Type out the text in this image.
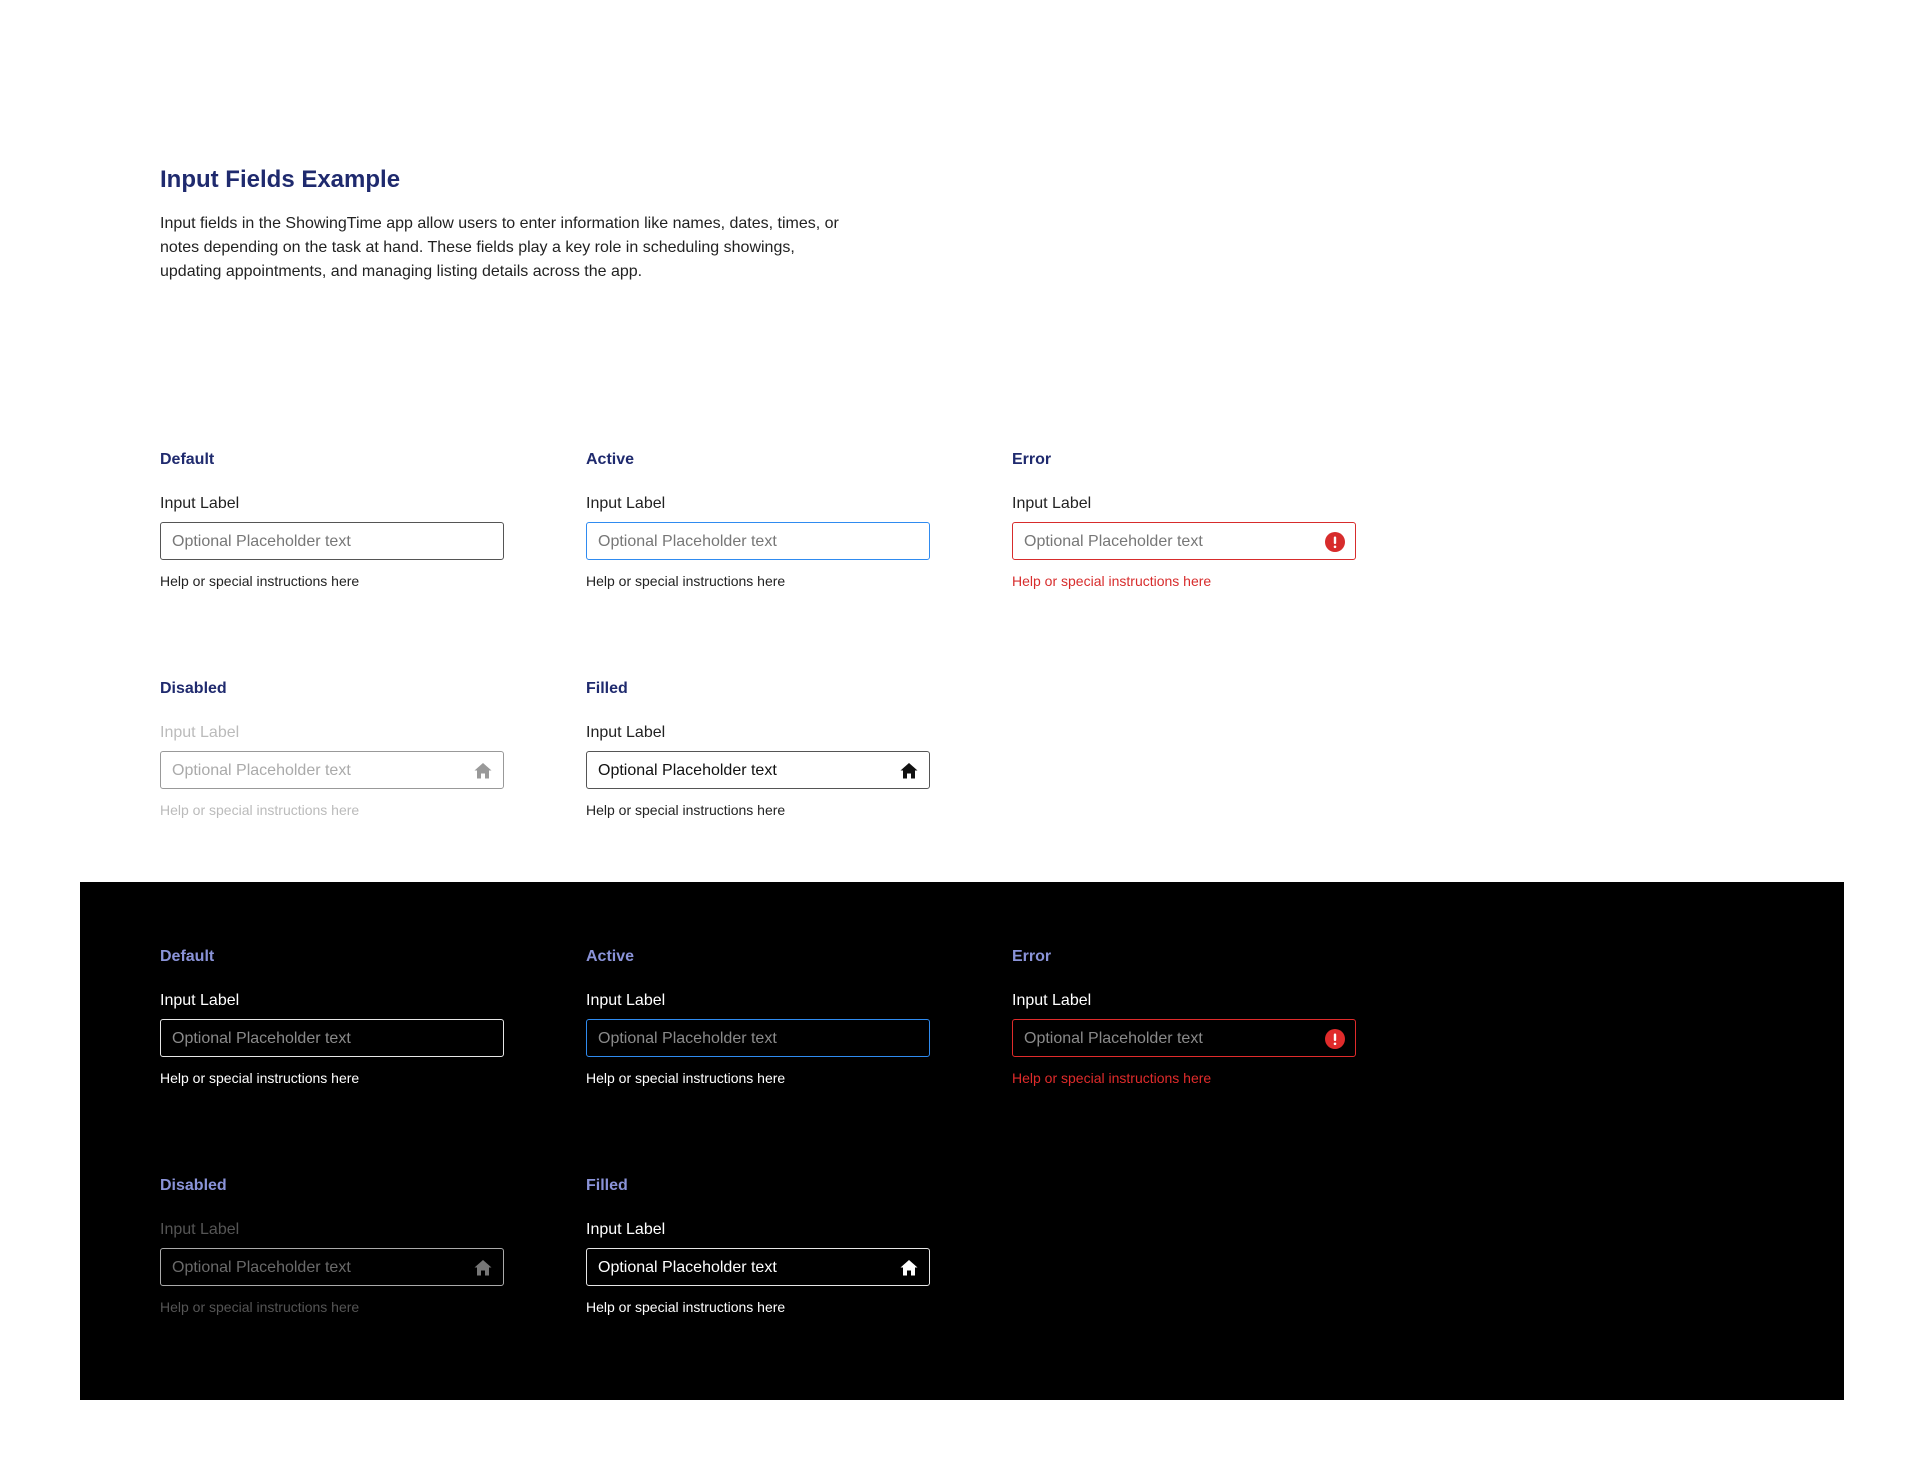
Input Fields Example
Input fields in the ShowingTime app allow users to enter information like names, dates, times, or notes depending on the task at hand. These fields play a key role in scheduling showings, updating appointments, and managing listing details across the app.
Default
Input Label
Optional Placeholder text
Help or special instructions here
Active
Input Label
Optional Placeholder text
Help or special instructions here
Error
Input Label
Optional Placeholder text
Help or special instructions here
Disabled
Input Label
Optional Placeholder text
Help or special instructions here
Filled
Input Label
Optional Placeholder text
Help or special instructions here
Default
Input Label
Optional Placeholder text
Help or special instructions here
Active
Input Label
Optional Placeholder text
Help or special instructions here
Error
Input Label
Optional Placeholder text
Help or special instructions here
Disabled
Input Label
Optional Placeholder text
Help or special instructions here
Filled
Input Label
Optional Placeholder text
Help or special instructions here
